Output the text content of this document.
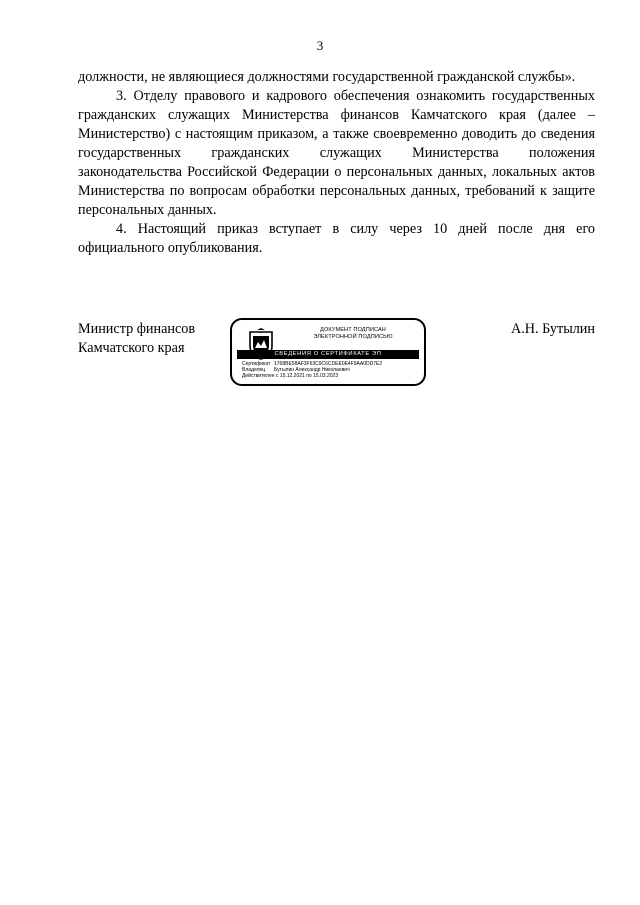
3

должности, не являющиеся должностями государственной гражданской службы».

3. Отделу правового и кадрового обеспечения ознакомить государственных гражданских служащих Министерства финансов Камчатского края (далее – Министерство) с настоящим приказом, а также своевременно доводить до сведения государственных гражданских служащих Министерства положения законодательства Российской Федерации о персональных данных, локальных актов Министерства по вопросам обработки персональных данных, требований к защите персональных данных.

4. Настоящий приказ вступает в силу через 10 дней после дня его официального опубликования.

Министр финансов
Камчатского края
ДОКУМЕНТ ПОДПИСАН
ЭЛЕКТРОННОЙ ПОДПИСЬЮ
СВЕДЕНИЯ О СЕРТИФИКАТЕ ЭП
Сертификат 1768BE58AF3F63C9C6CDEE0E4F9AA0DD7E2
Владелец Бутылин Александр Николаевич
Действителен с 15.12.2021 по 15.03.2023
А.Н. Бутылин
